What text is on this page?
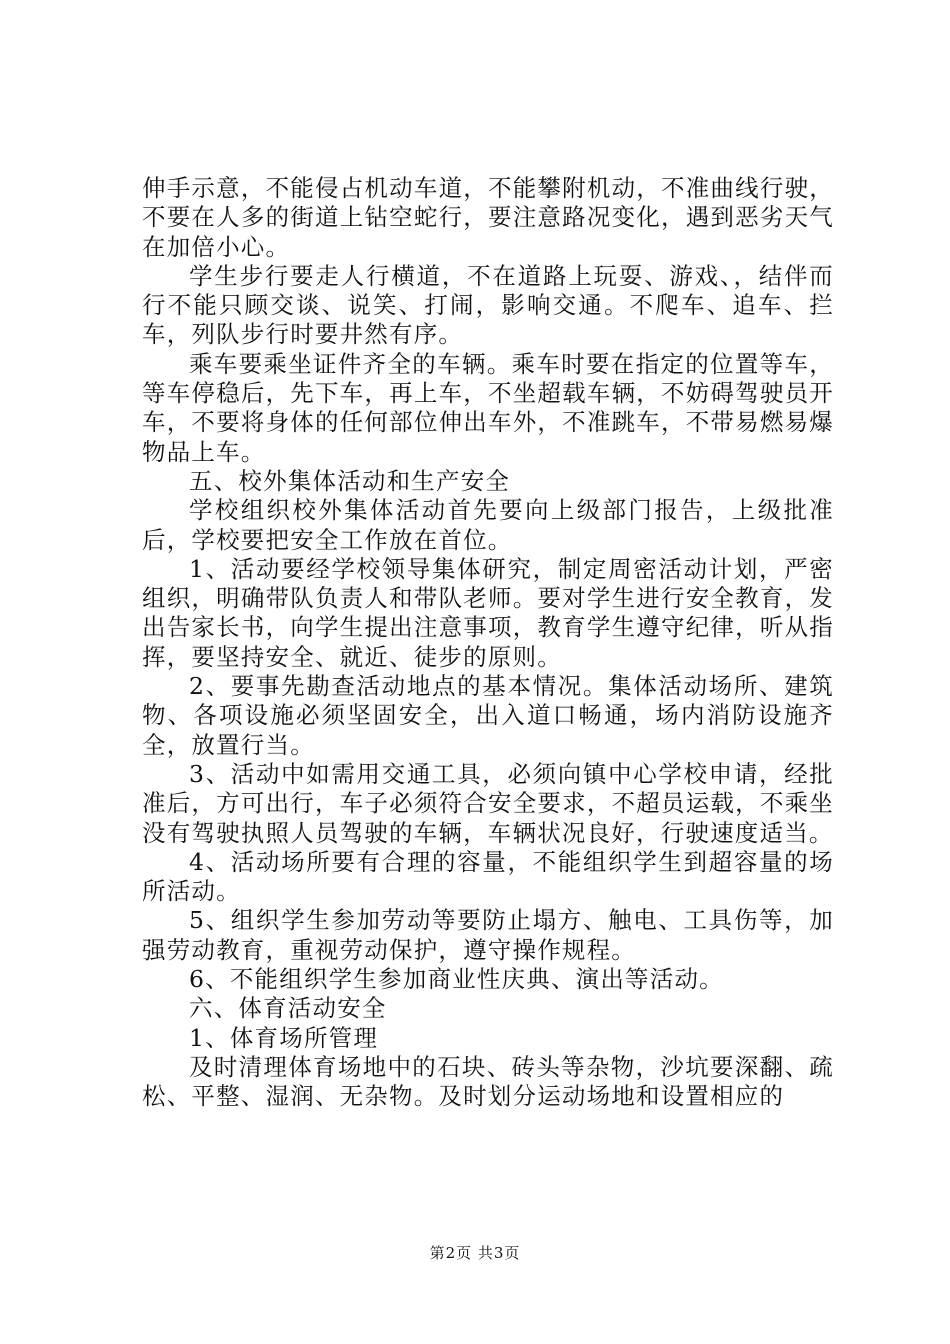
伸手示意，不能侵占机动车道，不能攀附机动，不准曲线行驶，不要在人多的街道上钻空蛇行，要注意路况变化，遇到恶劣天气在加倍小心。

学生步行要走人行横道，不在道路上玩耍、游戏、，结伴而行不能只顾交谈、说笑、打闹，影响交通。不爬车、追车、拦车，列队步行时要井然有序。

乘车要乘坐证件齐全的车辆。乘车时要在指定的位置等车，等车停稳后，先下车，再上车，不坐超载车辆，不妨碍驾驶员开车，不要将身体的任何部位伸出车外，不准跳车，不带易燃易爆物品上车。

五、校外集体活动和生产安全

学校组织校外集体活动首先要向上级部门报告，上级批准后，学校要把安全工作放在首位。

1、活动要经学校领导集体研究，制定周密活动计划，严密组织，明确带队负责人和带队老师。要对学生进行安全教育，发出告家长书，向学生提出注意事项，教育学生遵守纪律，听从指挥，要坚持安全、就近、徒步的原则。

2、要事先勘查活动地点的基本情况。集体活动场所、建筑物、各项设施必须坚固安全，出入道口畅通，场内消防设施齐全，放置行当。

3、活动中如需用交通工具，必须向镇中心学校申请，经批准后，方可出行，车子必须符合安全要求，不超员运载，不乘坐没有驾驶执照人员驾驶的车辆，车辆状况良好，行驶速度适当。

4、活动场所要有合理的容量，不能组织学生到超容量的场所活动。

5、组织学生参加劳动等要防止塌方、触电、工具伤等，加强劳动教育，重视劳动保护，遵守操作规程。

6、不能组织学生参加商业性庆典、演出等活动。

六、体育活动安全

1、体育场所管理

及时清理体育场地中的石块、砖头等杂物，沙坑要深翻、疏松、平整、湿润、无杂物。及时划分运动场地和设置相应的

第2页 共3页
